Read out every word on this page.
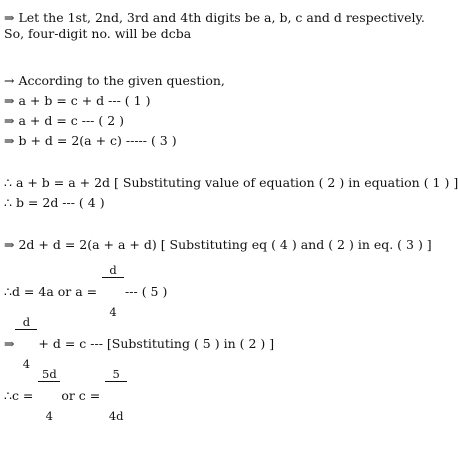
⇒ Let the 1st, 2nd, 3rd and 4th digits be a, b, c and d respectively.
So, four-digit no. will be dcba
→ According to the given question,
⇒ a + b = c + d --- ( 1 )
⇒ a + d = c --- ( 2 )
⇒ b + d = 2(a + c) ----- ( 3 )
∴ a + b = a + 2d [ Substituting value of equation ( 2 ) in equation ( 1 ) ]
∴ b = 2d --- ( 4 )
⇒ 2d + d = 2(a + a + d) [ Substituting eq ( 4 ) and ( 2 ) in eq. ( 3 ) ]
∴ d = 4a or a =

$\frac{d}{4}$

--- ( 5 )
⇒

$\frac{d}{4}$

+ d = c --- [Substituting ( 5 ) in ( 2 ) ]
∴ c =

$\frac{5d}{4}$

or c =

$\frac{5}{4d}$
